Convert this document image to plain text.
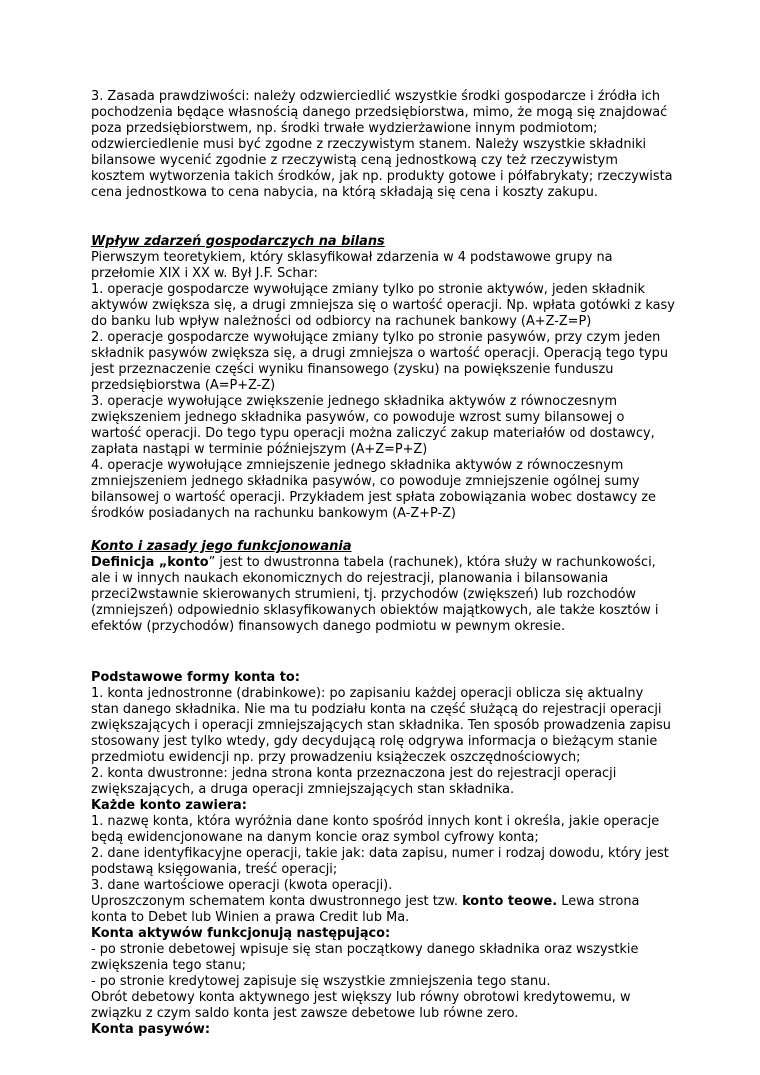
3. Zasada prawdziwości: należy odzwierciedlić wszystkie środki gospodarcze i źródła ich

pochodzenia będące własnością danego przedsiębiorstwa, mimo, że mogą się znajdować

poza przedsiębiorstwem, np. środki trwałe wydzierżawione innym podmiotom;

odzwierciedlenie musi być zgodne z rzeczywistym stanem. Należy wszystkie składniki

bilansowe wycenić zgodnie z rzeczywistą ceną jednostkową czy też rzeczywistym

kosztem wytworzenia takich środków, jak np. produkty gotowe i półfabrykaty; rzeczywista

cena jednostkowa to cena nabycia, na którą składają się cena i koszty zakupu.

Wpływ zdarzeń gospodarczych na bilans

Pierwszym teoretykiem, który sklasyfikował zdarzenia w 4 podstawowe grupy na

przełomie XIX i XX w. Był J.F. Schar:

1. operacje gospodarcze wywołujące zmiany tylko po stronie aktywów, jeden składnik

aktywów zwiększa się, a drugi zmniejsza się o wartość operacji. Np. wpłata gotówki z kasy

do banku lub wpływ należności od odbiorcy na rachunek bankowy (A+Z-Z=P)

2. operacje gospodarcze wywołujące zmiany tylko po stronie pasywów, przy czym jeden

składnik pasywów zwiększa się, a drugi zmniejsza o wartość operacji. Operacją tego typu

jest przeznaczenie części wyniku finansowego (zysku) na powiększenie funduszu

przedsiębiorstwa (A=P+Z-Z)

3. operacje wywołujące zwiększenie jednego składnika aktywów z równoczesnym

zwiększeniem jednego składnika pasywów, co powoduje wzrost sumy bilansowej o

wartość operacji. Do tego typu operacji można zaliczyć zakup materiałów od dostawcy,

zapłata nastąpi w terminie późniejszym (A+Z=P+Z)

4. operacje wywołujące zmniejszenie jednego składnika aktywów z równoczesnym

zmniejszeniem jednego składnika pasywów, co powoduje zmniejszenie ogólnej sumy

bilansowej o wartość operacji. Przykładem jest spłata zobowiązania wobec dostawcy ze

środków posiadanych na rachunku bankowym (A-Z+P-Z)

Konto i zasady jego funkcjonowania

Definicja „konto” jest to dwustronna tabela (rachunek), która służy w rachunkowości,

ale i w innych naukach ekonomicznych do rejestracji, planowania i bilansowania

przeci2wstawnie skierowanych strumieni, tj. przychodów (zwiększeń) lub rozchodów

(zmniejszeń) odpowiednio sklasyfikowanych obiektów majątkowych, ale także kosztów i

efektów (przychodów) finansowych danego podmiotu w pewnym okresie.

Podstawowe formy konta to:

1. konta jednostronne (drabinkowe): po zapisaniu każdej operacji oblicza się aktualny

stan danego składnika. Nie ma tu podziału konta na część służącą do rejestracji operacji

zwiększających i operacji zmniejszających stan składnika. Ten sposób prowadzenia zapisu

stosowany jest tylko wtedy, gdy decydującą rolę odgrywa informacja o bieżącym stanie

przedmiotu ewidencji np. przy prowadzeniu książeczek oszczędnościowych;

2. konta dwustronne: jedna strona konta przeznaczona jest do rejestracji operacji

zwiększających, a druga operacji zmniejszających stan składnika.

Każde konto zawiera:

1. nazwę konta, która wyróżnia dane konto spośród innych kont i określa, jakie operacje

będą ewidencjonowane na danym koncie oraz symbol cyfrowy konta;

2. dane identyfikacyjne operacji, takie jak: data zapisu, numer i rodzaj dowodu, który jest

podstawą księgowania, treść operacji;

3. dane wartościowe operacji (kwota operacji).

Uproszczonym schematem konta dwustronnego jest tzw. konto teowe. Lewa strona

konta to Debet lub Winien a prawa Credit lub Ma.

Konta aktywów funkcjonują następująco:

- po stronie debetowej wpisuje się stan początkowy danego składnika oraz wszystkie

zwiększenia tego stanu;

- po stronie kredytowej zapisuje się wszystkie zmniejszenia tego stanu.

Obrót debetowy konta aktywnego jest większy lub równy obrotowi kredytowemu, w

związku z czym saldo konta jest zawsze debetowe lub równe zero.

Konta pasywów:
